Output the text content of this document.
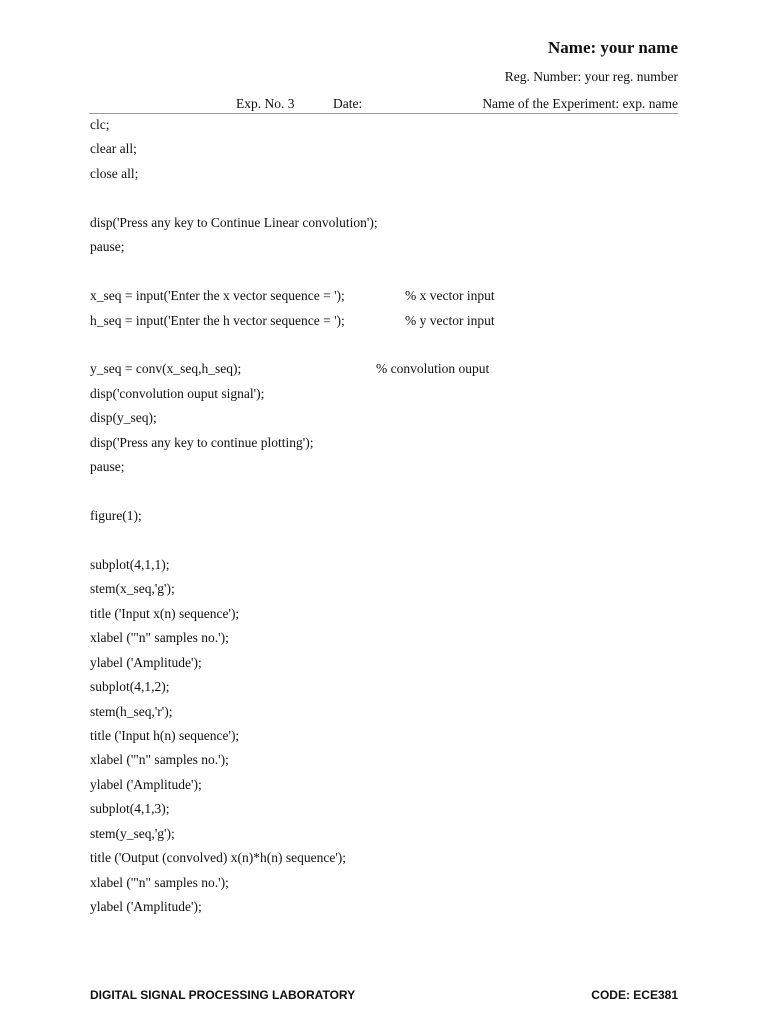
Name: your name
Reg. Number: your reg. number
Exp. No. 3	Date:	Name of the Experiment: exp. name
clc;
clear all;
close all;
disp('Press any key to Continue Linear convolution');
pause;
x_seq = input('Enter the x vector sequence = ');	% x vector input
h_seq = input('Enter the h vector sequence = ');	% y vector input
y_seq = conv(x_seq,h_seq);	% convolution ouput
disp('convolution ouput signal');
disp(y_seq);
disp('Press any key to continue plotting');
pause;
figure(1);
subplot(4,1,1);
stem(x_seq,'g');
title ('Input x(n) sequence');
xlabel ('"n" samples no.');
ylabel ('Amplitude');
subplot(4,1,2);
stem(h_seq,'r');
title ('Input h(n) sequence');
xlabel ('"n" samples no.');
ylabel ('Amplitude');
subplot(4,1,3);
stem(y_seq,'g');
title ('Output (convolved) x(n)*h(n) sequence');
xlabel ('"n" samples no.');
ylabel ('Amplitude');
DIGITAL SIGNAL PROCESSING LABORATORY	CODE: ECE381
